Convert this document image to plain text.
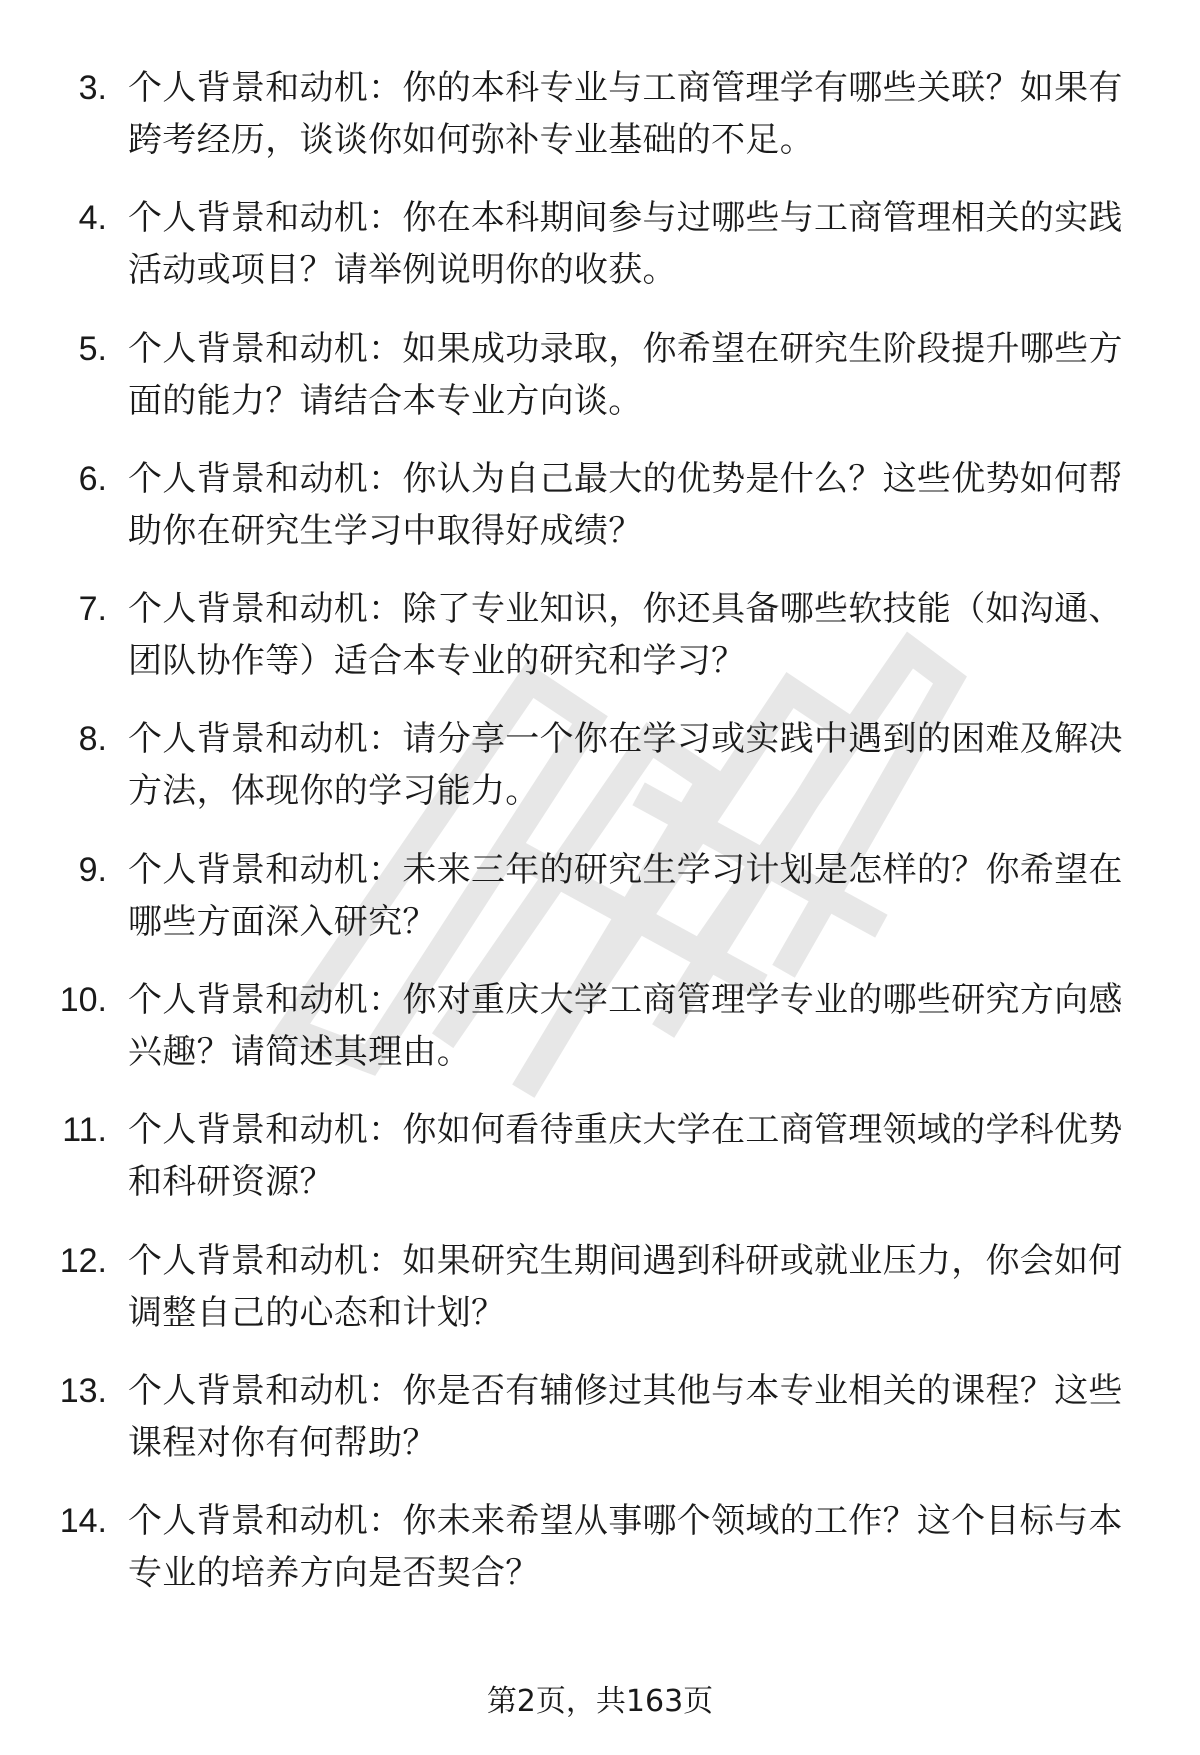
3. 个人背景和动机：你的本科专业与工商管理学有哪些关联？如果有跨考经历，谈谈你如何弥补专业基础的不足。
4. 个人背景和动机：你在本科期间参与过哪些与工商管理相关的实践活动或项目？请举例说明你的收获。
5. 个人背景和动机：如果成功录取，你希望在研究生阶段提升哪些方面的能力？请结合本专业方向谈。
6. 个人背景和动机：你认为自己最大的优势是什么？这些优势如何帮助你在研究生学习中取得好成绩？
7. 个人背景和动机：除了专业知识，你还具备哪些软技能（如沟通、团队协作等）适合本专业的研究和学习？
8. 个人背景和动机：请分享一个你在学习或实践中遇到的困难及解决方法，体现你的学习能力。
9. 个人背景和动机：未来三年的研究生学习计划是怎样的？你希望在哪些方面深入研究？
10. 个人背景和动机：你对重庆大学工商管理学专业的哪些研究方向感兴趣？请简述其理由。
11. 个人背景和动机：你如何看待重庆大学在工商管理领域的学科优势和科研资源？
12. 个人背景和动机：如果研究生期间遇到科研或就业压力，你会如何调整自己的心态和计划？
13. 个人背景和动机：你是否有辅修过其他与本专业相关的课程？这些课程对你有何帮助？
14. 个人背景和动机：你未来希望从事哪个领域的工作？这个目标与本专业的培养方向是否契合？
第2页，共163页
